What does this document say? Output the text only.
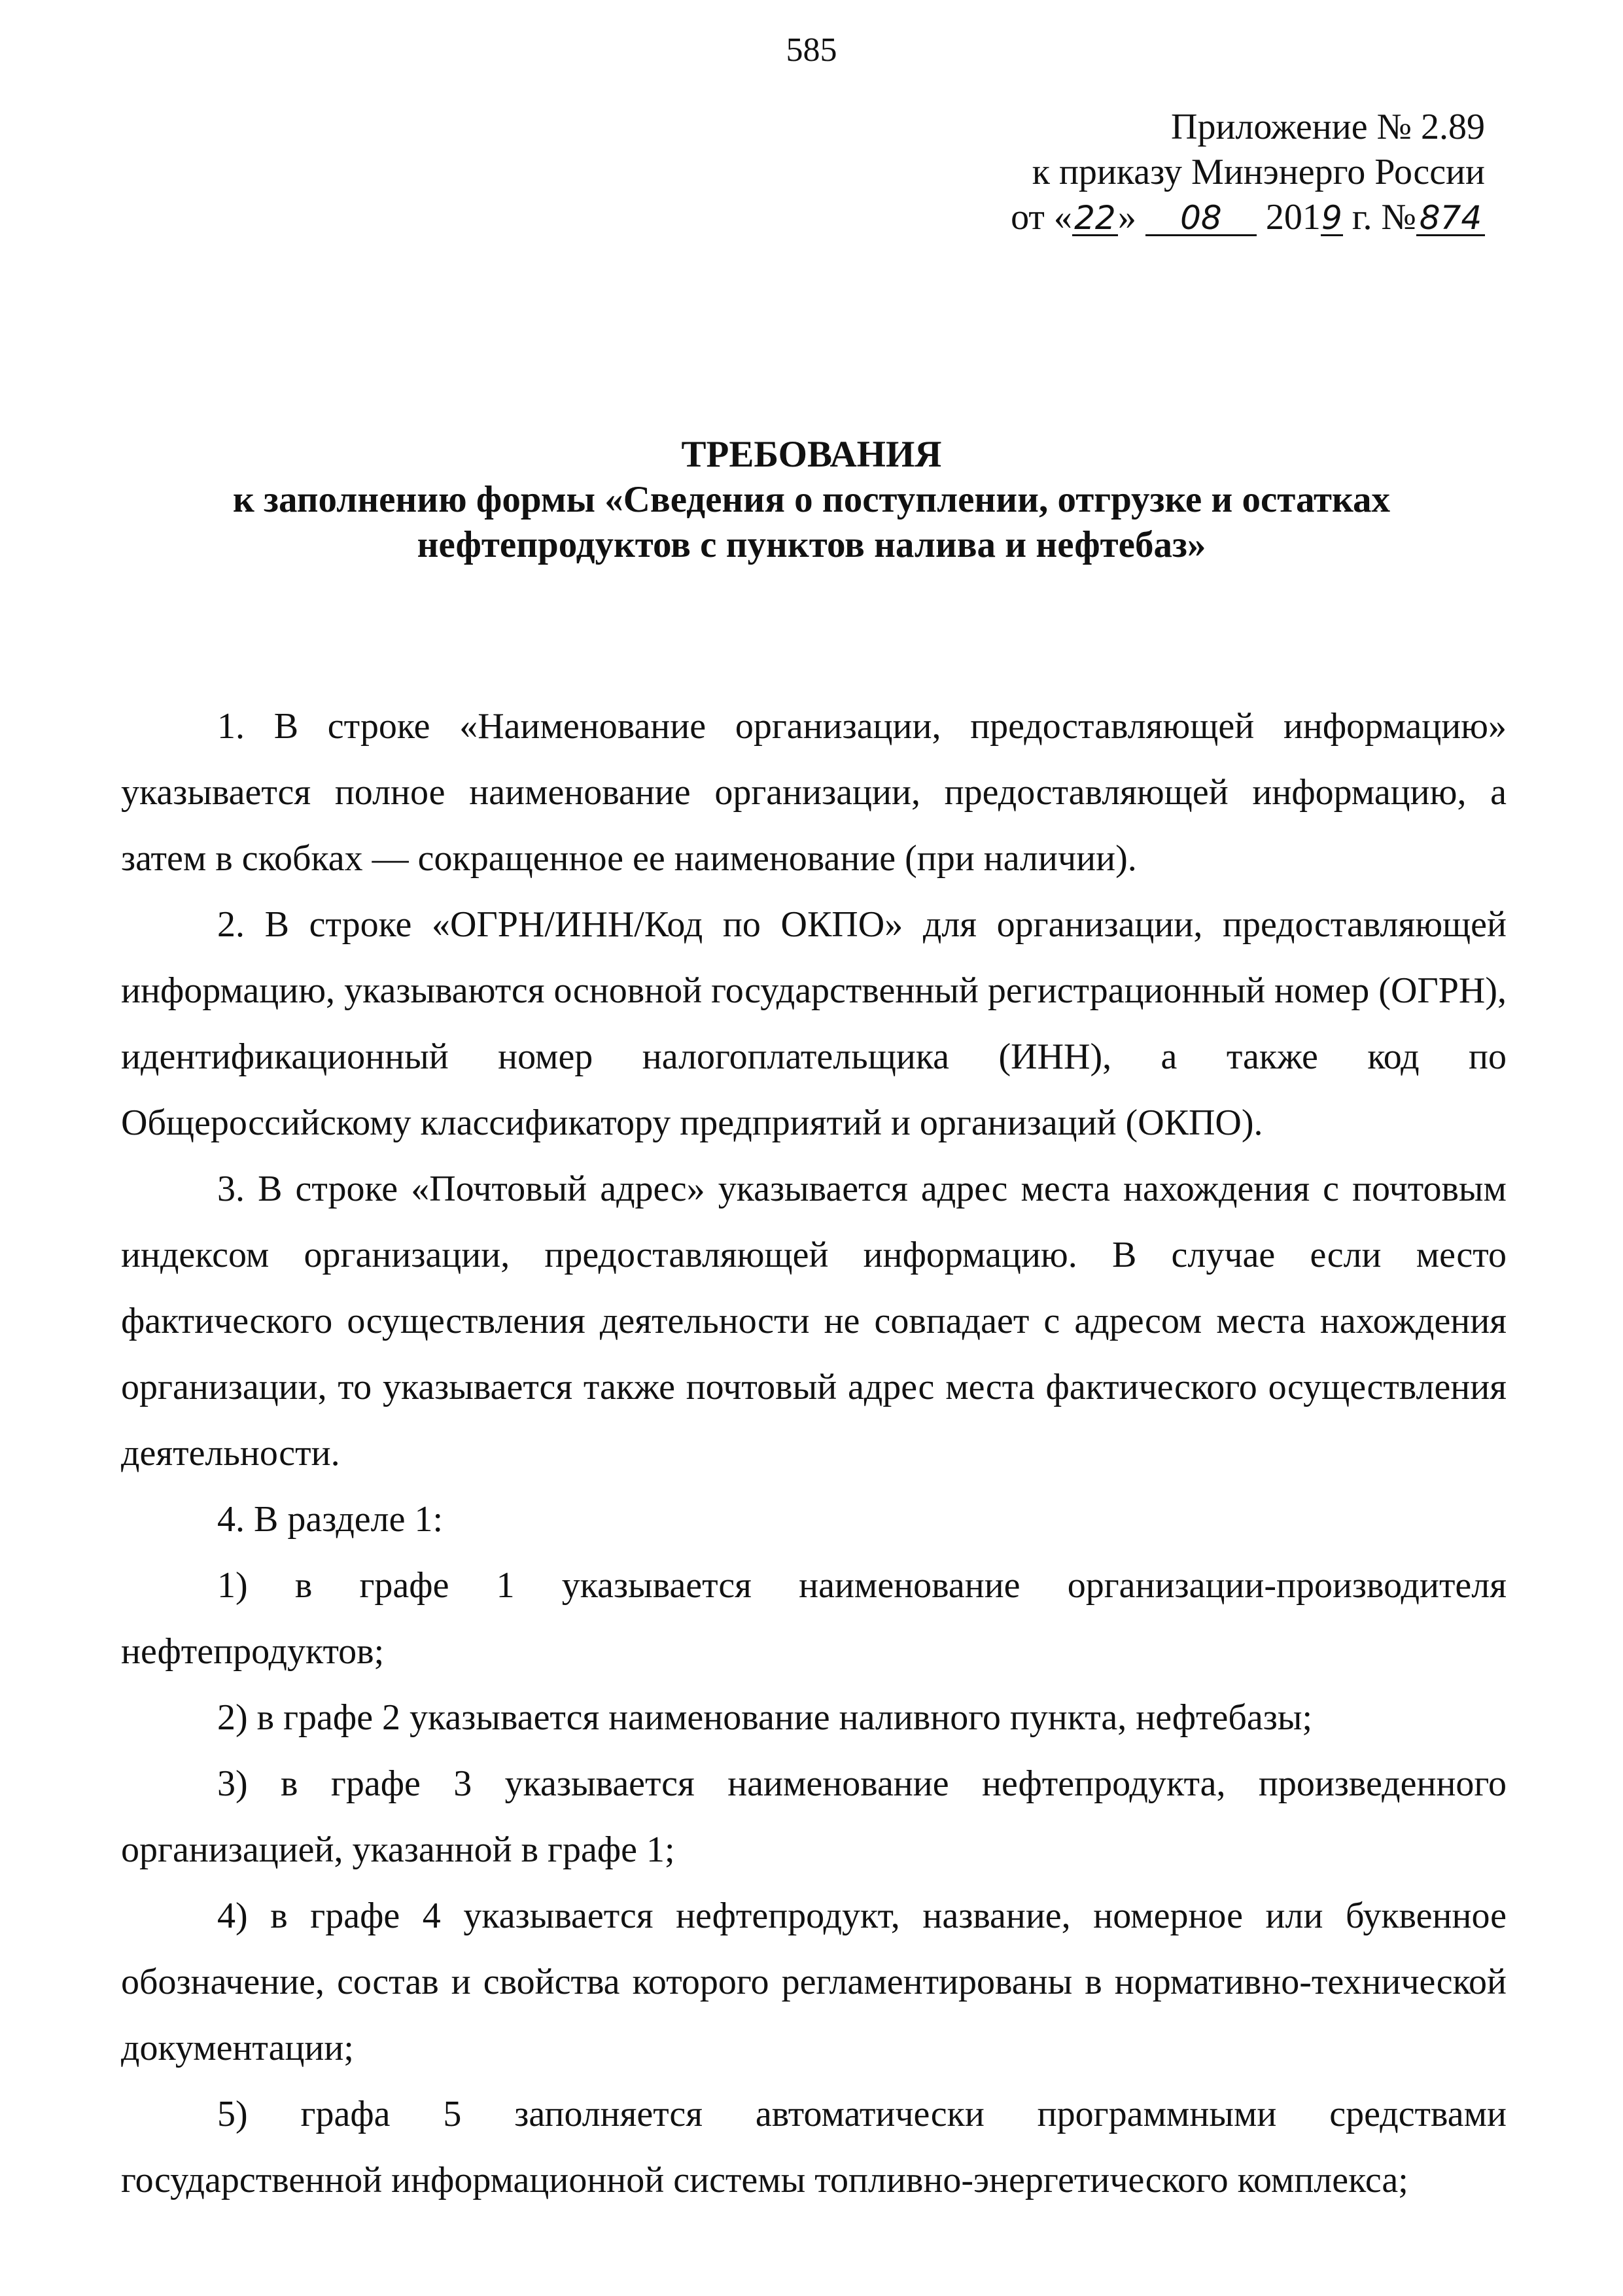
585
Приложение № 2.89
к приказу Минэнерго России
от «22» 08 2019 г. №874
ТРЕБОВАНИЯ
к заполнению формы «Сведения о поступлении, отгрузке и остатках
нефтепродуктов с пунктов налива и нефтебаз»

1. В строке «Наименование организации, предоставляющей информацию» указывается полное наименование организации, предоставляющей информацию, а затем в скобках — сокращенное ее наименование (при наличии).

2. В строке «ОГРН/ИНН/Код по ОКПО» для организации, предоставляющей информацию, указываются основной государственный регистрационный номер (ОГРН), идентификационный номер налогоплательщика (ИНН), а также код по Общероссийскому классификатору предприятий и организаций (ОКПО).

3. В строке «Почтовый адрес» указывается адрес места нахождения с почтовым индексом организации, предоставляющей информацию. В случае если место фактического осуществления деятельности не совпадает с адресом места нахождения организации, то указывается также почтовый адрес места фактического осуществления деятельности.

4. В разделе 1:

1) в графе 1 указывается наименование организации-производителя нефтепродуктов;

2) в графе 2 указывается наименование наливного пункта, нефтебазы;

3) в графе 3 указывается наименование нефтепродукта, произведенного организацией, указанной в графе 1;

4) в графе 4 указывается нефтепродукт, название, номерное или буквенное обозначение, состав и свойства которого регламентированы в нормативно-технической документации;

5) графа 5 заполняется автоматически программными средствами государственной информационной системы топливно-энергетического комплекса;
